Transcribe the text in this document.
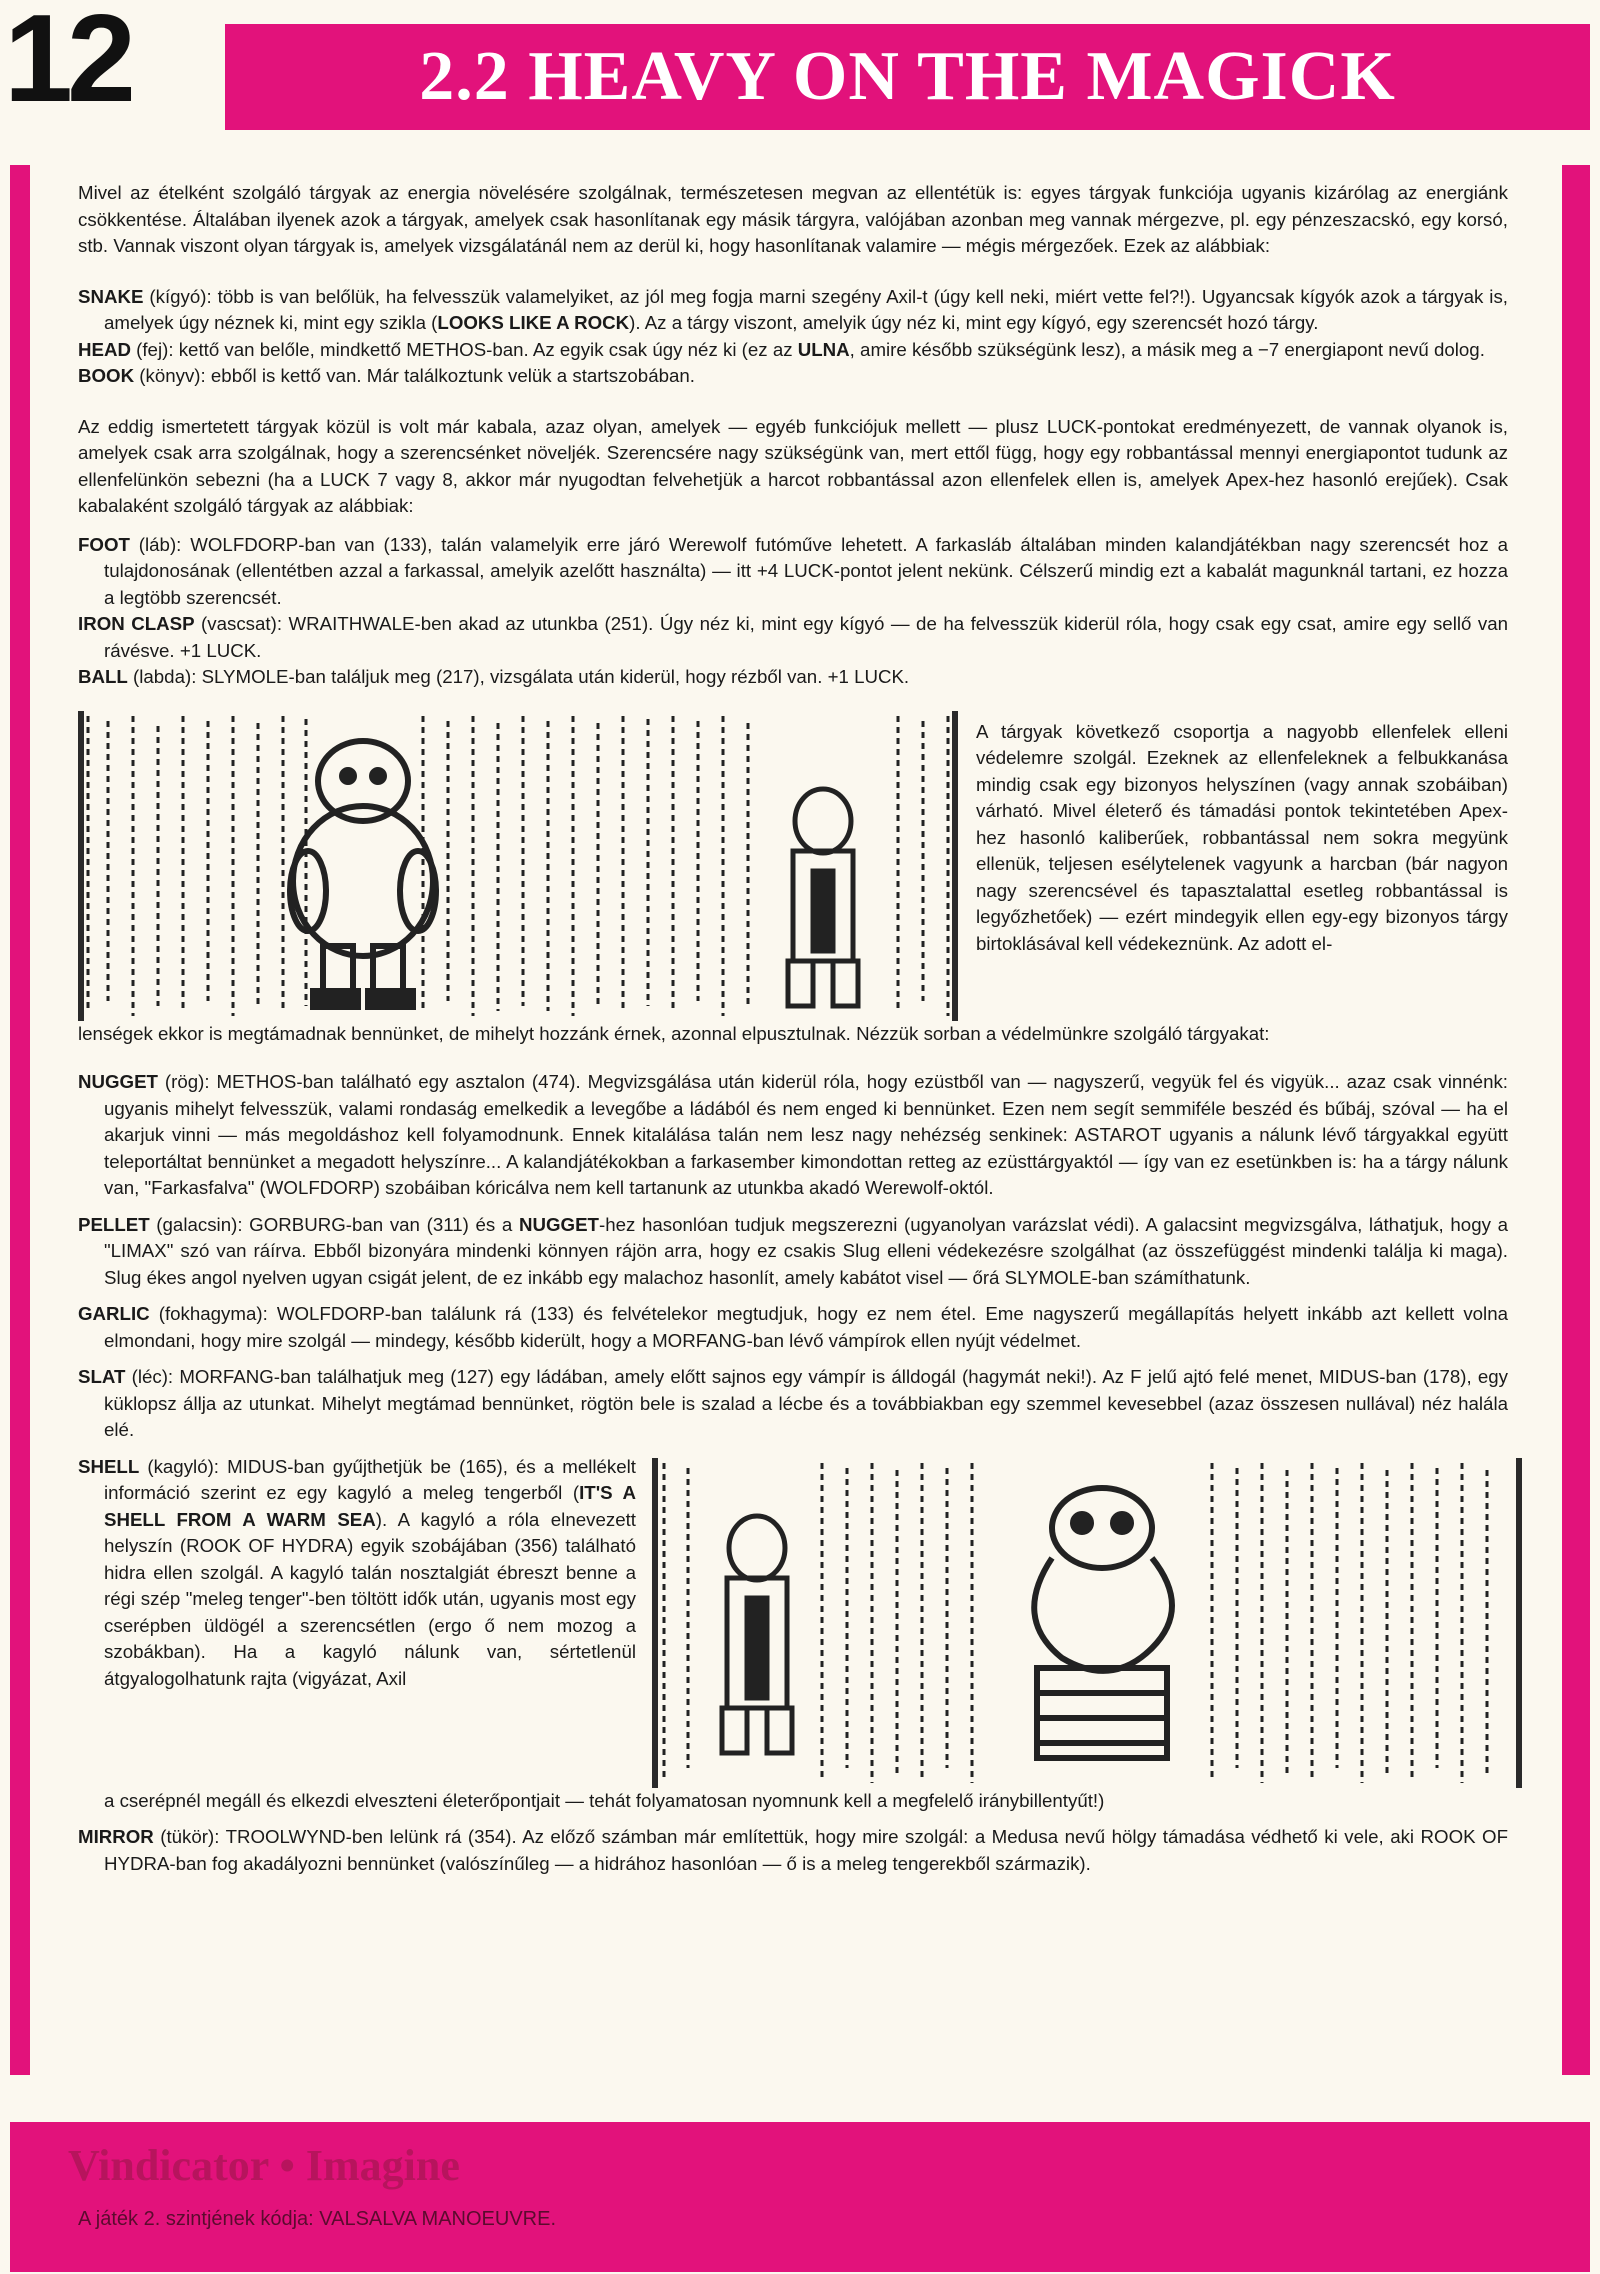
12	2.2 HEAVY ON THE MAGICK

Mivel az ételként szolgáló tárgyak az energia növelésére szolgálnak, természetesen megvan az ellentétük is: egyes tárgyak funkciója ugyanis kizárólag az energiánk csökkentése. Általában ilyenek azok a tárgyak, amelyek csak hasonlítanak egy másik tárgyra, valójában azonban meg vannak mérgezve, pl. egy pénzeszacskó, egy korsó, stb. Vannak viszont olyan tárgyak is, amelyek vizsgálatánál nem az derül ki, hogy hasonlítanak valamire — mégis mérgezőek. Ezek az alábbiak:

SNAKE (kígyó): több is van belőlük, ha felvesszük valamelyiket, az jól meg fogja marni szegény Axil-t (úgy kell neki, miért vette fel?!). Ugyancsak kígyók azok a tárgyak is, amelyek úgy néznek ki, mint egy szikla (LOOKS LIKE A ROCK). Az a tárgy viszont, amelyik úgy néz ki, mint egy kígyó, egy szerencsét hozó tárgy.
HEAD (fej): kettő van belőle, mindkettő METHOS-ban. Az egyik csak úgy néz ki (ez az ULNA, amire később szükségünk lesz), a másik meg a −7 energiapont nevű dolog.
BOOK (könyv): ebből is kettő van. Már találkoztunk velük a startszobában.

Az eddig ismertetett tárgyak közül is volt már kabala, azaz olyan, amelyek — egyéb funkciójuk mellett — plusz LUCK-pontokat eredményezett, de vannak olyanok is, amelyek csak arra szolgálnak, hogy a szerencsénket növeljék. Szerencsére nagy szükségünk van, mert ettől függ, hogy egy robbantással mennyi energiapontot tudunk az ellenfelünkön sebezni (ha a LUCK 7 vagy 8, akkor már nyugodtan felvehetjük a harcot robbantással azon ellenfelek ellen is, amelyek Apex-hez hasonló erejűek). Csak kabalaként szolgáló tárgyak az alábbiak:

FOOT (láb): WOLFDORP-ban van (133), talán valamelyik erre járó Werewolf futóműve lehetett. A farkasláb általában minden kalandjátékban nagy szerencsét hoz a tulajdonosának (ellentétben azzal a farkassal, amelyik azelőtt használta) — itt +4 LUCK-pontot jelent nekünk. Célszerű mindig ezt a kabalát magunknál tartani, ez hozza a legtöbb szerencsét.
IRON CLASP (vascsat): WRAITHWALE-ben akad az utunkba (251). Úgy néz ki, mint egy kígyó — de ha felvesszük kiderül róla, hogy csak egy csat, amire egy sellő van rávésve. +1 LUCK.
BALL (labda): SLYMOLE-ban találjuk meg (217), vizsgálata után kiderül, hogy rézből van. +1 LUCK.
A tárgyak következő csoportja a nagyobb ellenfelek elleni védelemre szolgál. Ezeknek az ellenfeleknek a felbukkanása mindig csak egy bizonyos helyszínen (vagy annak szobáiban) várható. Mivel életerő és támadási pontok tekintetében Apex-hez hasonló kaliberűek, robbantással nem sokra megyünk ellenük, teljesen esélytelenek vagyunk a harcban (bár nagyon nagy szerencsével és tapasztalattal esetleg robbantással is legyőzhetőek) — ezért mindegyik ellen egy-egy bizonyos tárgy birtoklásával kell védekeznünk. Az adott el-

lenségek ekkor is megtámadnak bennünket, de mihelyt hozzánk érnek, azonnal elpusztulnak. Nézzük sorban a védelmünkre szolgáló tárgyakat:

NUGGET (rög): METHOS-ban található egy asztalon (474). Megvizsgálása után kiderül róla, hogy ezüstből van — nagyszerű, vegyük fel és vigyük... azaz csak vinnénk: ugyanis mihelyt felvesszük, valami rondaság emelkedik a levegőbe a ládából és nem enged ki bennünket. Ezen nem segít semmiféle beszéd és bűbáj, szóval — ha el akarjuk vinni — más megoldáshoz kell folyamodnunk. Ennek kitalálása talán nem lesz nagy nehézség senkinek: ASTAROT ugyanis a nálunk lévő tárgyakkal együtt teleportáltat bennünket a megadott helyszínre... A kalandjátékokban a farkasember kimondottan retteg az ezüsttárgyaktól — így van ez esetünkben is: ha a tárgy nálunk van, "Farkasfalva" (WOLFDORP) szobáiban kóricálva nem kell tartanunk az utunkba akadó Werewolf-októl.
PELLET (galacsin): GORBURG-ban van (311) és a NUGGET-hez hasonlóan tudjuk megszerezni (ugyanolyan varázslat védi). A galacsint megvizsgálva, láthatjuk, hogy a "LIMAX" szó van ráírva. Ebből bizonyára mindenki könnyen rájön arra, hogy ez csakis Slug elleni védekezésre szolgálhat (az összefüggést mindenki találja ki maga). Slug ékes angol nyelven ugyan csigát jelent, de ez inkább egy malachoz hasonlít, amely kabátot visel — őrá SLYMOLE-ban számíthatunk.
GARLIC (fokhagyma): WOLFDORP-ban találunk rá (133) és felvételekor megtudjuk, hogy ez nem étel. Eme nagyszerű megállapítás helyett inkább azt kellett volna elmondani, hogy mire szolgál — mindegy, később kiderült, hogy a MORFANG-ban lévő vámpírok ellen nyújt védelmet.
SLAT (léc): MORFANG-ban találhatjuk meg (127) egy ládában, amely előtt sajnos egy vámpír is álldogál (hagymát neki!). Az F jelű ajtó felé menet, MIDUS-ban (178), egy küklopsz állja az utunkat. Mihelyt megtámad bennünket, rögtön bele is szalad a lécbe és a továbbiakban egy szemmel kevesebbel (azaz összesen nullával) néz halála elé.
SHELL (kagyló): MIDUS-ban gyűjthetjük be (165), és a mellékelt információ szerint ez egy kagyló a meleg tengerből (IT'S A SHELL FROM A WARM SEA). A kagyló a róla elnevezett helyszín (ROOK OF HYDRA) egyik szobájában (356) található hidra ellen szolgál. A kagyló talán nosztalgiát ébreszt benne a régi szép "meleg tenger"-ben töltött idők után, ugyanis most egy cserépben üldögél a szerencsétlen (ergo ő nem mozog a szobákban). Ha a kagyló nálunk van, sértetlenül átgyalogolhatunk rajta (vigyázat, Axil
a cserépnél megáll és elkezdi elveszteni életerőpontjait — tehát folyamatosan nyomnunk kell a megfelelő iránybillentyűt!)
MIRROR (tükör): TROOLWYND-ben lelünk rá (354). Az előző számban már említettük, hogy mire szolgál: a Medusa nevű hölgy támadása védhető ki vele, aki ROOK OF HYDRA-ban fog akadályozni bennünket (valószínűleg — a hidrához hasonlóan — ő is a meleg tengerekből származik).
Vindicator • Imagine
A játék 2. szintjének kódja: VALSALVA MANOEUVRE.
